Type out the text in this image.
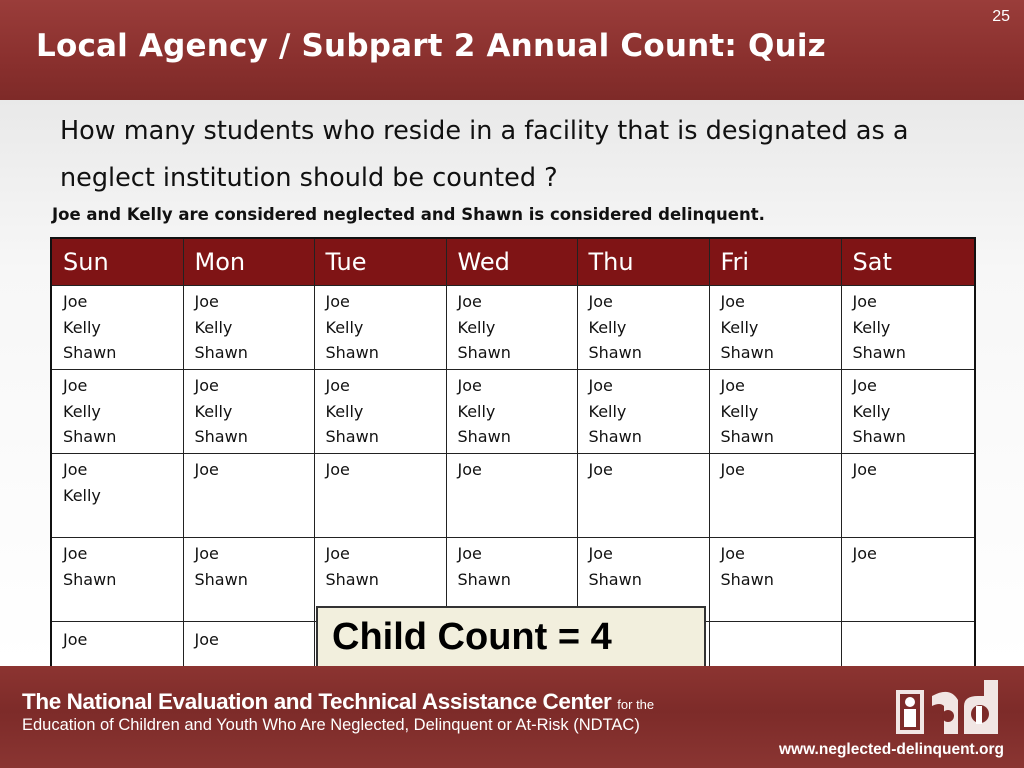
Local Agency / Subpart 2 Annual Count: Quiz
25
How many students who reside in a facility that is designated as a neglect institution should be counted ?
Joe and Kelly are considered neglected and Shawn is considered delinquent.
Sun	Mon	Tue	Wed	Thu	Fri	Sat

Joe
Kelly
Shawn	Joe
Kelly
Shawn	Joe
Kelly
Shawn	Joe
Kelly
Shawn	Joe
Kelly
Shawn	Joe
Kelly
Shawn	Joe
Kelly
Shawn

Joe
Kelly
Shawn	Joe
Kelly
Shawn	Joe
Kelly
Shawn	Joe
Kelly
Shawn	Joe
Kelly
Shawn	Joe
Kelly
Shawn	Joe
Kelly
Shawn

Joe
Kelly	Joe	Joe	Joe	Joe	Joe	Joe

Joe
Shawn	Joe
Shawn	Joe
Shawn	Joe
Shawn	Joe
Shawn	Joe
Shawn	Joe

Joe	Joe					
						Child Count = 4
The National Evaluation and Technical Assistance Center for the
Education of Children and Youth Who Are Neglected, Delinquent or At-Risk (NDTAC)
www.neglected-delinquent.org
